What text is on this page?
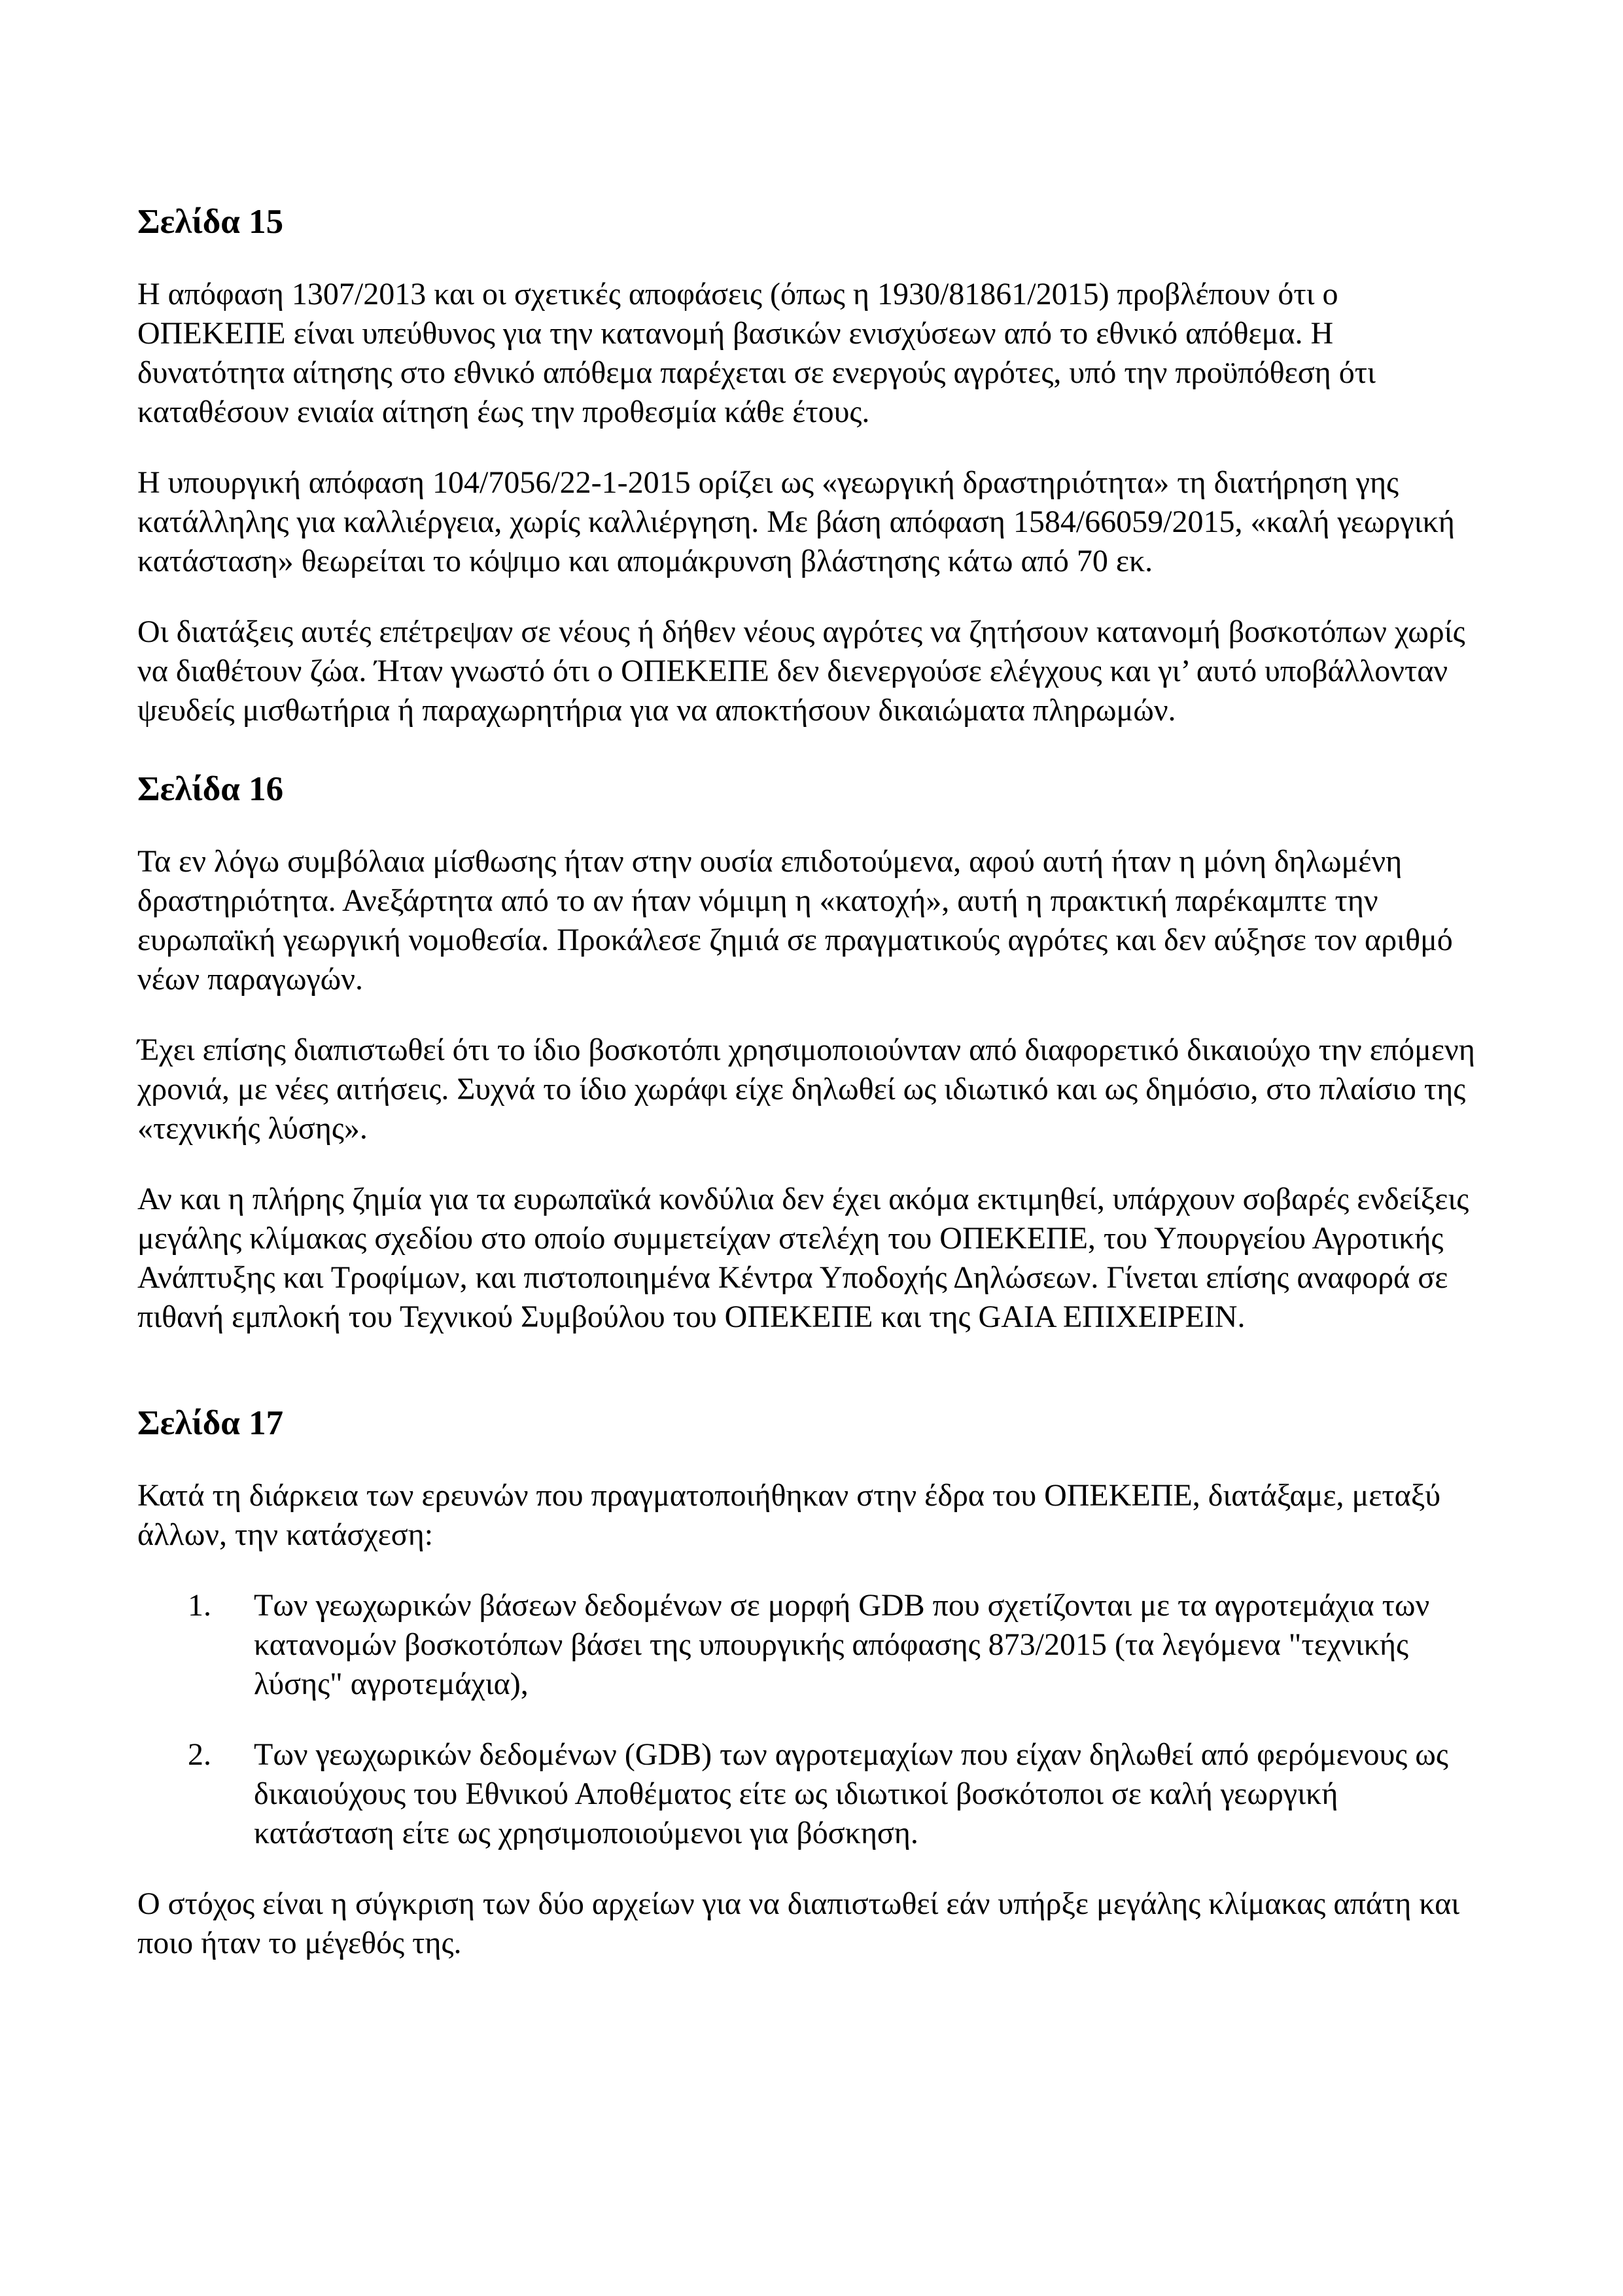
Σελίδα 15

Η απόφαση 1307/2013 και οι σχετικές αποφάσεις (όπως η 1930/81861/2015) προβλέπουν ότι ο ΟΠΕΚΕΠΕ είναι υπεύθυνος για την κατανομή βασικών ενισχύσεων από το εθνικό απόθεμα. Η δυνατότητα αίτησης στο εθνικό απόθεμα παρέχεται σε ενεργούς αγρότες, υπό την προϋπόθεση ότι καταθέσουν ενιαία αίτηση έως την προθεσμία κάθε έτους.

Η υπουργική απόφαση 104/7056/22-1-2015 ορίζει ως «γεωργική δραστηριότητα» τη διατήρηση γης κατάλληλης για καλλιέργεια, χωρίς καλλιέργηση. Με βάση απόφαση 1584/66059/2015, «καλή γεωργική κατάσταση» θεωρείται το κόψιμο και απομάκρυνση βλάστησης κάτω από 70 εκ.

Οι διατάξεις αυτές επέτρεψαν σε νέους ή δήθεν νέους αγρότες να ζητήσουν κατανομή βοσκοτόπων χωρίς να διαθέτουν ζώα. Ήταν γνωστό ότι ο ΟΠΕΚΕΠΕ δεν διενεργούσε ελέγχους και γι’ αυτό υποβάλλονταν ψευδείς μισθωτήρια ή παραχωρητήρια για να αποκτήσουν δικαιώματα πληρωμών.

Σελίδα 16

Τα εν λόγω συμβόλαια μίσθωσης ήταν στην ουσία επιδοτούμενα, αφού αυτή ήταν η μόνη δηλωμένη δραστηριότητα. Ανεξάρτητα από το αν ήταν νόμιμη η «κατοχή», αυτή η πρακτική παρέκαμπτε την ευρωπαϊκή γεωργική νομοθεσία. Προκάλεσε ζημιά σε πραγματικούς αγρότες και δεν αύξησε τον αριθμό νέων παραγωγών.

Έχει επίσης διαπιστωθεί ότι το ίδιο βοσκοτόπι χρησιμοποιούνταν από διαφορετικό δικαιούχο την επόμενη χρονιά, με νέες αιτήσεις. Συχνά το ίδιο χωράφι είχε δηλωθεί ως ιδιωτικό και ως δημόσιο, στο πλαίσιο της «τεχνικής λύσης».

Αν και η πλήρης ζημία για τα ευρωπαϊκά κονδύλια δεν έχει ακόμα εκτιμηθεί, υπάρχουν σοβαρές ενδείξεις μεγάλης κλίμακας σχεδίου στο οποίο συμμετείχαν στελέχη του ΟΠΕΚΕΠΕ, του Υπουργείου Αγροτικής Ανάπτυξης και Τροφίμων, και πιστοποιημένα Κέντρα Υποδοχής Δηλώσεων. Γίνεται επίσης αναφορά σε πιθανή εμπλοκή του Τεχνικού Συμβούλου του ΟΠΕΚΕΠΕ και της GAIA ΕΠΙΧΕΙΡΕΙΝ.

Σελίδα 17

Κατά τη διάρκεια των ερευνών που πραγματοποιήθηκαν στην έδρα του ΟΠΕΚΕΠΕ, διατάξαμε, μεταξύ άλλων, την κατάσχεση:

1. Των γεωχωρικών βάσεων δεδομένων σε μορφή GDB που σχετίζονται με τα αγροτεμάχια των κατανομών βοσκοτόπων βάσει της υπουργικής απόφασης 873/2015 (τα λεγόμενα "τεχνικής λύσης" αγροτεμάχια),
2. Των γεωχωρικών δεδομένων (GDB) των αγροτεμαχίων που είχαν δηλωθεί από φερόμενους ως δικαιούχους του Εθνικού Αποθέματος είτε ως ιδιωτικοί βοσκότοποι σε καλή γεωργική κατάσταση είτε ως χρησιμοποιούμενοι για βόσκηση.

Ο στόχος είναι η σύγκριση των δύο αρχείων για να διαπιστωθεί εάν υπήρξε μεγάλης κλίμακας απάτη και ποιο ήταν το μέγεθός της.
